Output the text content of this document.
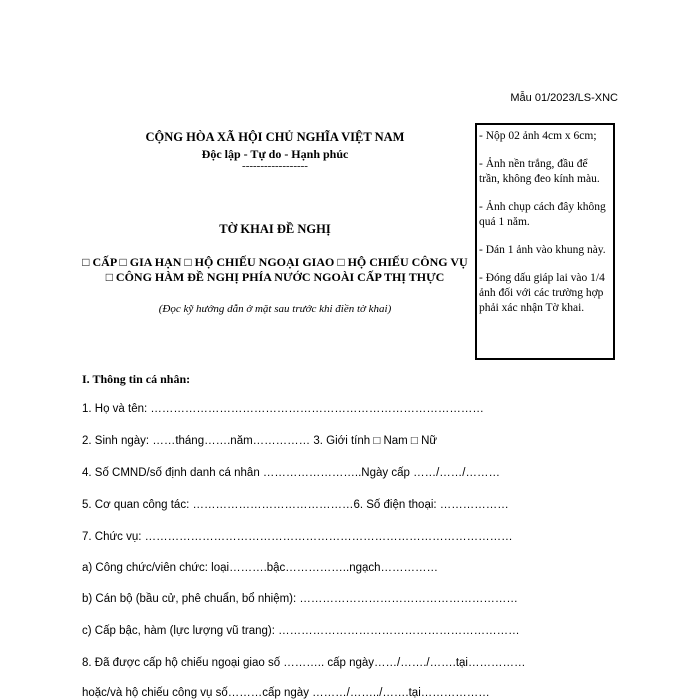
Mẫu 01/2023/LS-XNC
CỘNG HÒA XÃ HỘI CHỦ NGHĨA VIỆT NAM
Độc lập - Tự do - Hạnh phúc
------------------

- Nộp 02 ảnh 4cm x 6cm;

- Ảnh nền trắng, đầu để trần, không đeo kính màu.

- Ảnh chụp cách đây không quá 1 năm.

- Dán 1 ảnh vào khung này.

- Đóng dấu giáp lai vào 1/4 ảnh đối với các trường hợp phải xác nhận Tờ khai.

TỜ KHAI ĐỀ NGHỊ
□ CẤP □ GIA HẠN □ HỘ CHIẾU NGOẠI GIAO □ HỘ CHIẾU CÔNG VỤ □ CÔNG HÀM ĐỀ NGHỊ PHÍA NƯỚC NGOÀI CẤP THỊ THỰC
(Đọc kỹ hướng dẫn ở mặt sau trước khi điền tờ khai)
I. Thông tin cá nhân:
1. Họ và tên: ……………………………………………………………………………
2. Sinh ngày: ……tháng…….năm…………… 3. Giới tính □ Nam □ Nữ
4. Số CMND/số định danh cá nhân ……………………..Ngày cấp ……/……/………
5. Cơ quan công tác: ……………………………………6. Số điện thoại: ………………
7. Chức vụ: ……………………………………………………………………………………
a) Công chức/viên chức: loại……….bậc……………..ngạch……………
b) Cán bộ (bầu cử, phê chuẩn, bổ nhiệm): …………………………………………………
c) Cấp bậc, hàm (lực lượng vũ trang): ………………………………………………………
8. Đã được cấp hộ chiếu ngoại giao số ……….. cấp ngày……/……./…….tại……………
hoặc/và hộ chiếu công vụ số………cấp ngày ………/……../…….tại………………
